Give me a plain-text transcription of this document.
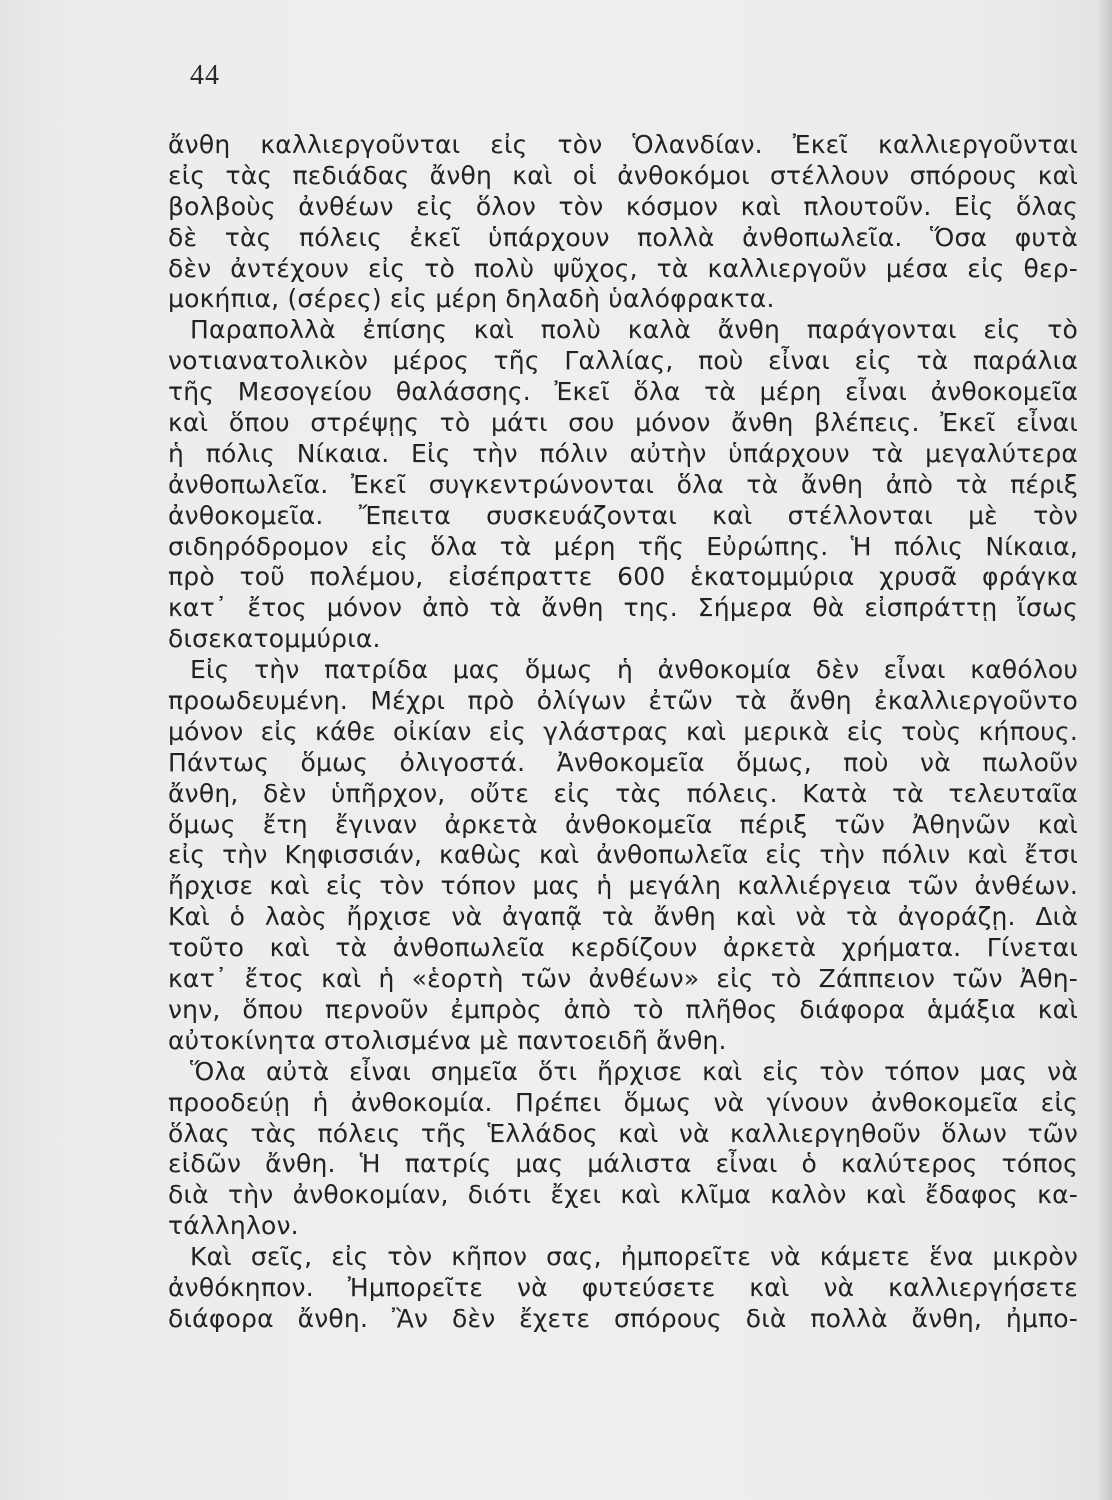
44
ἄνθη καλλιεργοῦνται εἰς τὸν Ὁλανδίαν. Ἐκεῖ καλλιεργοῦνται
εἰς τὰς πεδιάδας ἄνθη καὶ οἱ ἀνθοκόμοι στέλλουν σπόρους καὶ
βολβοὺς ἀνθέων εἰς ὅλον τὸν κόσμον καὶ πλουτοῦν. Εἰς ὅλας
δὲ τὰς πόλεις ἐκεῖ ὑπάρχουν πολλὰ ἀνθοπωλεῖα. Ὅσα φυτὰ
δὲν ἀντέχουν εἰς τὸ πολὺ ψῦχος, τὰ καλλιεργοῦν μέσα εἰς θερ-
μοκήπια, (σέρες) εἰς μέρη δηλαδὴ ὑαλόφρακτα.
Παραπολλὰ ἐπίσης καὶ πολὺ καλὰ ἄνθη παράγονται εἰς τὸ
νοτιανατολικὸν μέρος τῆς Γαλλίας, ποὺ εἶναι εἰς τὰ παράλια
τῆς Μεσογείου θαλάσσης. Ἐκεῖ ὅλα τὰ μέρη εἶναι ἀνθοκομεῖα
καὶ ὅπου στρέψῃς τὸ μάτι σου μόνον ἄνθη βλέπεις. Ἐκεῖ εἶναι
ἡ πόλις Νίκαια. Εἰς τὴν πόλιν αὐτὴν ὑπάρχουν τὰ μεγαλύτερα
ἀνθοπωλεῖα. Ἐκεῖ συγκεντρώνονται ὅλα τὰ ἄνθη ἀπὸ τὰ πέριξ
ἀνθοκομεῖα. Ἔπειτα συσκευάζονται καὶ στέλλονται μὲ τὸν
σιδηρόδρομον εἰς ὅλα τὰ μέρη τῆς Εὐρώπης. Ἡ πόλις Νίκαια,
πρὸ τοῦ πολέμου, εἰσέπραττε 600 ἑκατομμύρια χρυσᾶ φράγκα
κατ᾽ ἔτος μόνον ἀπὸ τὰ ἄνθη της. Σήμερα θὰ εἰσπράττῃ ἴσως
δισεκατομμύρια.
Εἰς τὴν πατρίδα μας ὅμως ἡ ἀνθοκομία δὲν εἶναι καθόλου
προωδευμένη. Μέχρι πρὸ ὀλίγων ἐτῶν τὰ ἄνθη ἐκαλλιεργοῦντο
μόνον εἰς κάθε οἰκίαν εἰς γλάστρας καὶ μερικὰ εἰς τοὺς κήπους.
Πάντως ὅμως ὀλιγοστά. Ἀνθοκομεῖα ὅμως, ποὺ νὰ πωλοῦν
ἄνθη, δὲν ὑπῆρχον, οὔτε εἰς τὰς πόλεις. Κατὰ τὰ τελευταῖα
ὅμως ἔτη ἔγιναν ἀρκετὰ ἀνθοκομεῖα πέριξ τῶν Ἀθηνῶν καὶ
εἰς τὴν Κηφισσιάν, καθὼς καὶ ἀνθοπωλεῖα εἰς τὴν πόλιν καὶ ἔτσι
ἤρχισε καὶ εἰς τὸν τόπον μας ἡ μεγάλη καλλιέργεια τῶν ἀνθέων.
Καὶ ὁ λαὸς ἤρχισε νὰ ἀγαπᾷ τὰ ἄνθη καὶ νὰ τὰ ἀγοράζῃ. Διὰ
τοῦτο καὶ τὰ ἀνθοπωλεῖα κερδίζουν ἀρκετὰ χρήματα. Γίνεται
κατ᾽ ἔτος καὶ ἡ «ἑορτὴ τῶν ἀνθέων» εἰς τὸ Ζάππειον τῶν Ἀθη-
νην, ὅπου περνοῦν ἐμπρὸς ἀπὸ τὸ πλῆθος διάφορα ἁμάξια καὶ
αὐτοκίνητα στολισμένα μὲ παντοειδῆ ἄνθη.
Ὅλα αὐτὰ εἶναι σημεῖα ὅτι ἤρχισε καὶ εἰς τὸν τόπον μας νὰ
προοδεύῃ ἡ ἀνθοκομία. Πρέπει ὅμως νὰ γίνουν ἀνθοκομεῖα εἰς
ὅλας τὰς πόλεις τῆς Ἑλλάδος καὶ νὰ καλλιεργηθοῦν ὅλων τῶν
εἰδῶν ἄνθη. Ἡ πατρίς μας μάλιστα εἶναι ὁ καλύτερος τόπος
διὰ τὴν ἀνθοκομίαν, διότι ἔχει καὶ κλῖμα καλὸν καὶ ἔδαφος κα-
τάλληλον.
Καὶ σεῖς, εἰς τὸν κῆπον σας, ἠμπορεῖτε νὰ κάμετε ἕνα μικρὸν
ἀνθόκηπον. Ἠμπορεῖτε νὰ φυτεύσετε καὶ νὰ καλλιεργήσετε
διάφορα ἄνθη. Ἂν δὲν ἔχετε σπόρους διὰ πολλὰ ἄνθη, ἠμπο-
